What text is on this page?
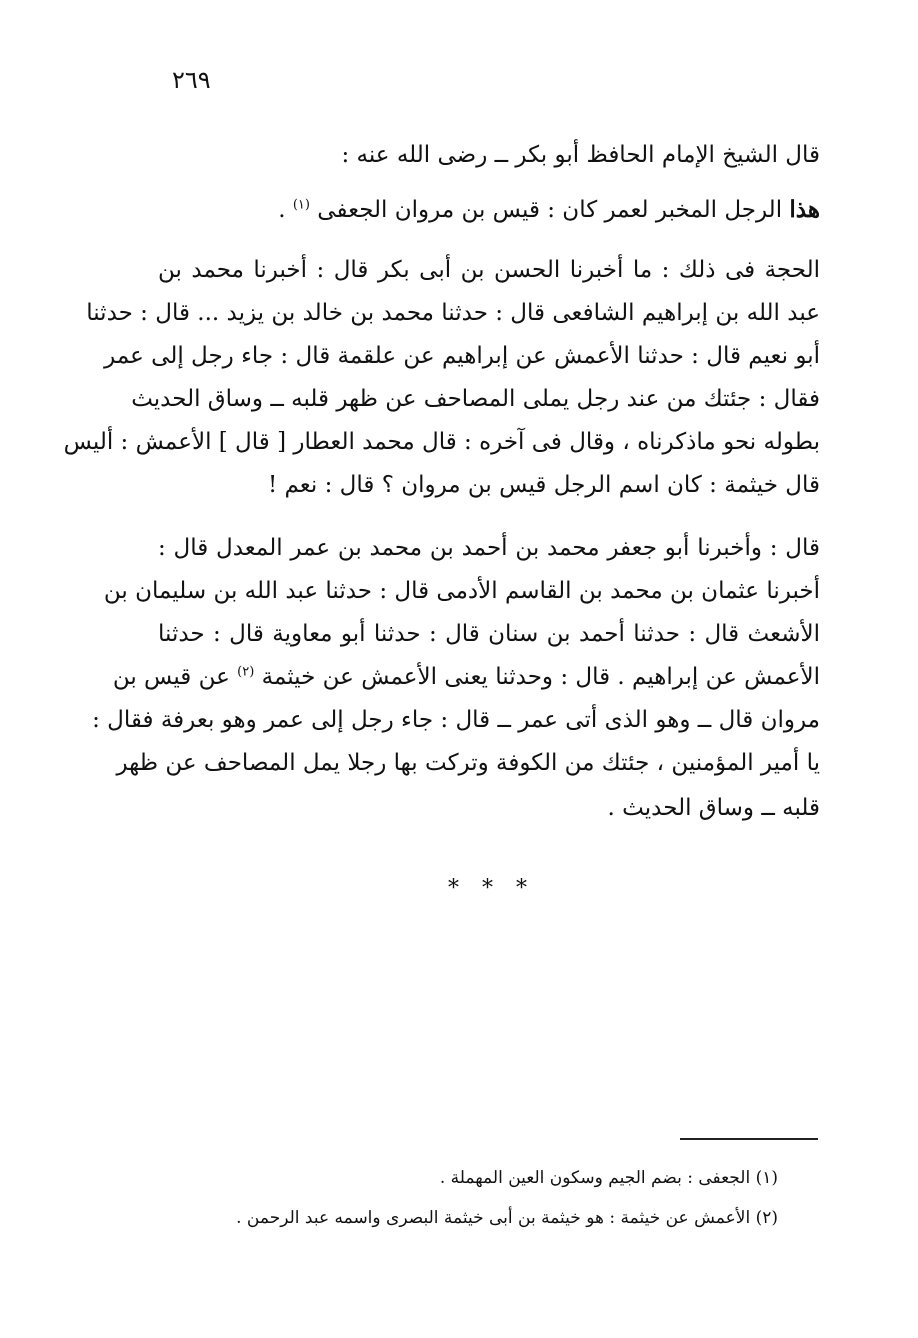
٢٦٩
قال الشيخ الإمام الحافظ أبو بكر ــ رضى الله عنه :
هذا الرجل المخبر لعمر كان : قيس بن مروان الجعفى $^{(١)}$ .
الحجة فى ذلك : ما أخبرنا الحسن بن أبى بكر قال : أخبرنا محمد بن
عبد الله بن إبراهيم الشافعى قال : حدثنا محمد بن خالد بن يزيد ... قال : حدثنا
أبو نعيم قال : حدثنا الأعمش عن إبراهيم عن علقمة قال : جاء رجل إلى عمر
فقال : جئتك من عند رجل يملى المصاحف عن ظهر قلبه ــ وساق الحديث
بطوله نحو ماذكرناه ، وقال فى آخره : قال محمد العطار [ قال ] الأعمش : أليس
قال خيثمة : كان اسم الرجل قيس بن مروان ؟ قال : نعم !
قال : وأخبرنا أبو جعفر محمد بن أحمد بن محمد بن عمر المعدل قال :
أخبرنا عثمان بن محمد بن القاسم الأدمى قال : حدثنا عبد الله بن سليمان بن
الأشعث قال : حدثنا أحمد بن سنان قال : حدثنا أبو معاوية قال : حدثنا
الأعمش عن إبراهيم . قال : وحدثنا يعنى الأعمش عن خيثمة $^{(٢)}$ عن قيس بن
مروان قال ــ وهو الذى أتى عمر ــ قال : جاء رجل إلى عمر وهو بعرفة فقال :
يا أمير المؤمنين ، جئتك من الكوفة وتركت بها رجلا يمل المصاحف عن ظهر
قلبه ــ وساق الحديث .
* * *
(١) الجعفى : بضم الجيم وسكون العين المهملة .
(٢) الأعمش عن خيثمة : هو خيثمة بن أبى خيثمة البصرى واسمه عبد الرحمن .
